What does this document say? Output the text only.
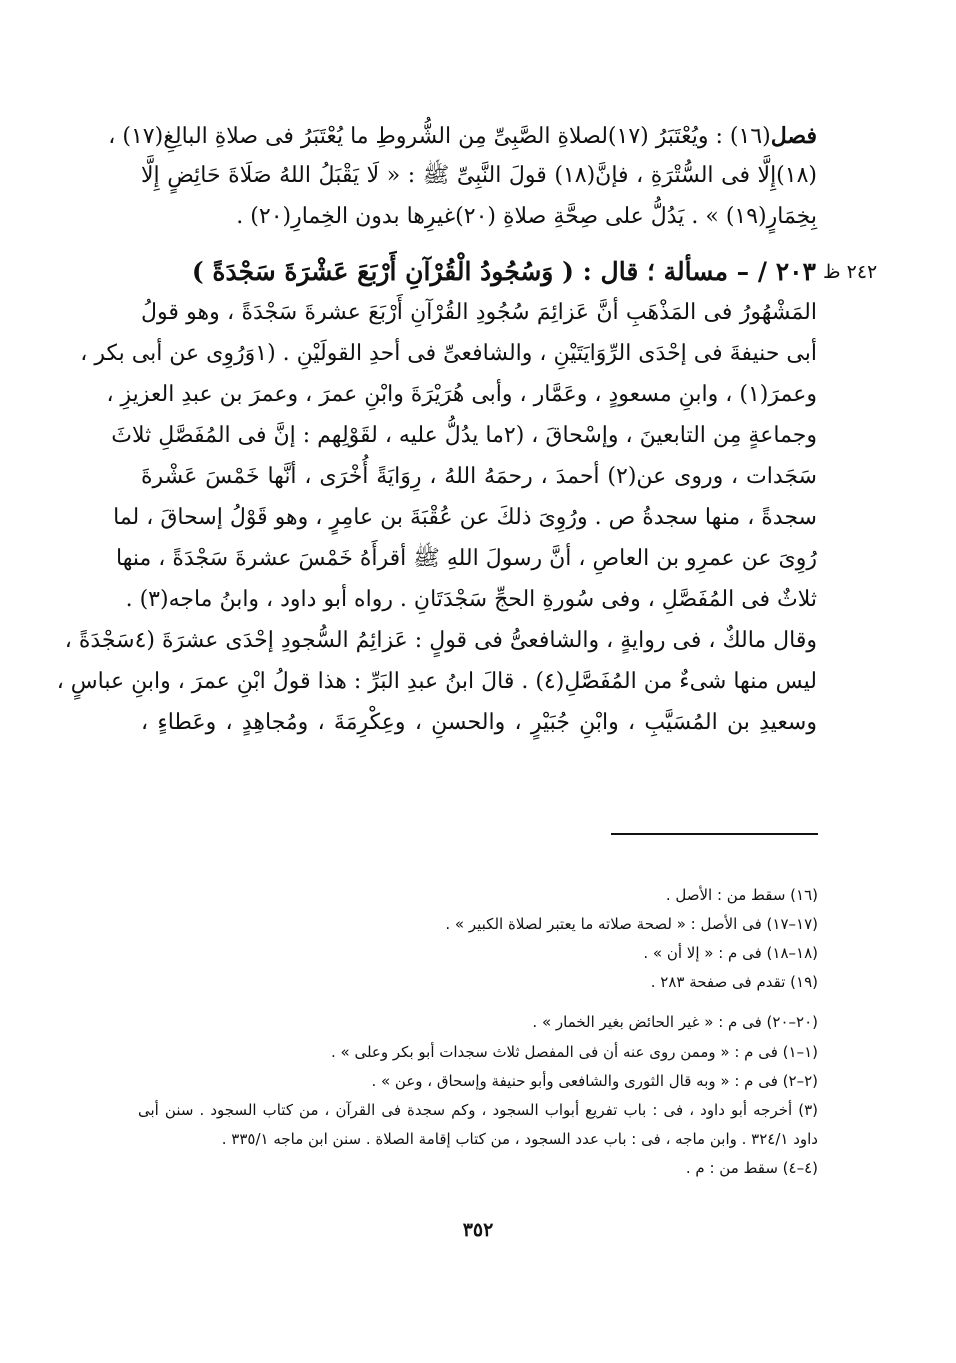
فصل(١٦) : ويُعْتَبَرُ (١٧)لصلاةِ الصَّبِىِّ مِن الشُّروطِ ما يُعْتَبَرُ فى صلاةِ البالِغِ(١٧) ،
(١٨)إِلَّا فى السُّتْرَةِ ، فإنَّ(١٨) قولَ النَّبِىِّ ﷺ : « لَا يَقْبَلُ اللهُ صَلَاةَ حَائِضٍ إِلَّا
بِخِمَارٍ(١٩) » . يَدُلُّ على صِحَّةِ صلاةِ (٢٠)غيرِها بدون الخِمارِ(٢٠) .
٢٤٢ ظ
٢٠٣ / – مسألة ؛ قال : ( وَسُجُودُ الْقُرْآنِ أَرْبَعَ عَشْرَةَ سَجْدَةً )
المَشْهُورُ فى المَذْهَبِ أنَّ عَزائِمَ سُجُودِ القُرْآنِ أَرْبَعَ عشرةَ سَجْدَةً ، وهو قولُ
أبى حنيفةَ فى إحْدَى الرِّوَايَتَيْنِ ، والشافعىِّ فى أحدِ القولَيْنِ . (١وَرُوِى عن أبى بكر ،
وعمرَ(١) ، وابنِ مسعودٍ ، وعَمَّار ، وأبى هُرَيْرَةَ وابْنِ عمرَ ، وعمرَ بن عبدِ العزيزِ ،
وجماعةٍ مِن التابعينَ ، وإسْحاقَ ، (٢ما يدُلُّ عليه ، لقَوْلِهم : إنَّ فى المُفَصَّلِ ثلاثَ
سَجَدات ، وروى عن(٢) أحمدَ ، رحمَهُ اللهُ ، رِوَايَةً أُخْرَى ، أنَّها خَمْسَ عَشْرةَ
سجدةً ، منها سجدةُ ص . ورُوِىَ ذلكَ عن عُقْبَةَ بن عامِرٍ ، وهو قَوْلُ إسحاقَ ، لما
رُوِىَ عن عمرِو بن العاصِ ، أنَّ رسولَ اللهِ ﷺ أقرأَهُ خَمْسَ عشرةَ سَجْدَةً ، منها
ثلاثٌ فى المُفَصَّلِ ، وفى سُورةِ الحجِّ سَجْدَتَانِ . رواه أبو داود ، وابنُ ماجه(٣) .
وقال مالكٌ ، فى روايةٍ ، والشافعىُّ فى قولٍ : عَزائِمُ السُّجودِ إحْدَى عشرَةَ (٤سَجْدَةً ،
ليس منها شىءٌ من المُفَصَّلِ(٤) . قالَ ابنُ عبدِ البَرِّ : هذا قولُ ابْنِ عمرَ ، وابنِ عباسٍ ،
وسعيدِ بن المُسَيَّبِ ، وابْنِ جُبَيْرٍ ، والحسنِ ، وعِكْرِمَةَ ، ومُجاهِدٍ ، وعَطاءٍ ،
(١٦) سقط من : الأصل .
(١٧–١٧) فى الأصل : « لصحة صلاته ما يعتبر لصلاة الكبير » .
(١٨–١٨) فى م : « إلا أن » .
(١٩) تقدم فى صفحة ٢٨٣ .
(٢٠–٢٠) فى م : « غير الحائض بغير الخمار » .
(١–١) فى م : « وممن روى عنه أن فى المفصل ثلاث سجدات أبو بكر وعلى » .
(٢–٢) فى م : « وبه قال الثورى والشافعى وأبو حنيفة وإسحاق ، وعن » .
(٣) أخرجه أبو داود ، فى : باب تفريع أبواب السجود ، وكم سجدة فى القرآن ، من كتاب السجود . سنن أبى
داود ٣٢٤/١ . وابن ماجه ، فى : باب عدد السجود ، من كتاب إقامة الصلاة . سنن ابن ماجه ٣٣٥/١ .
(٤–٤) سقط من : م .
٣٥٢
